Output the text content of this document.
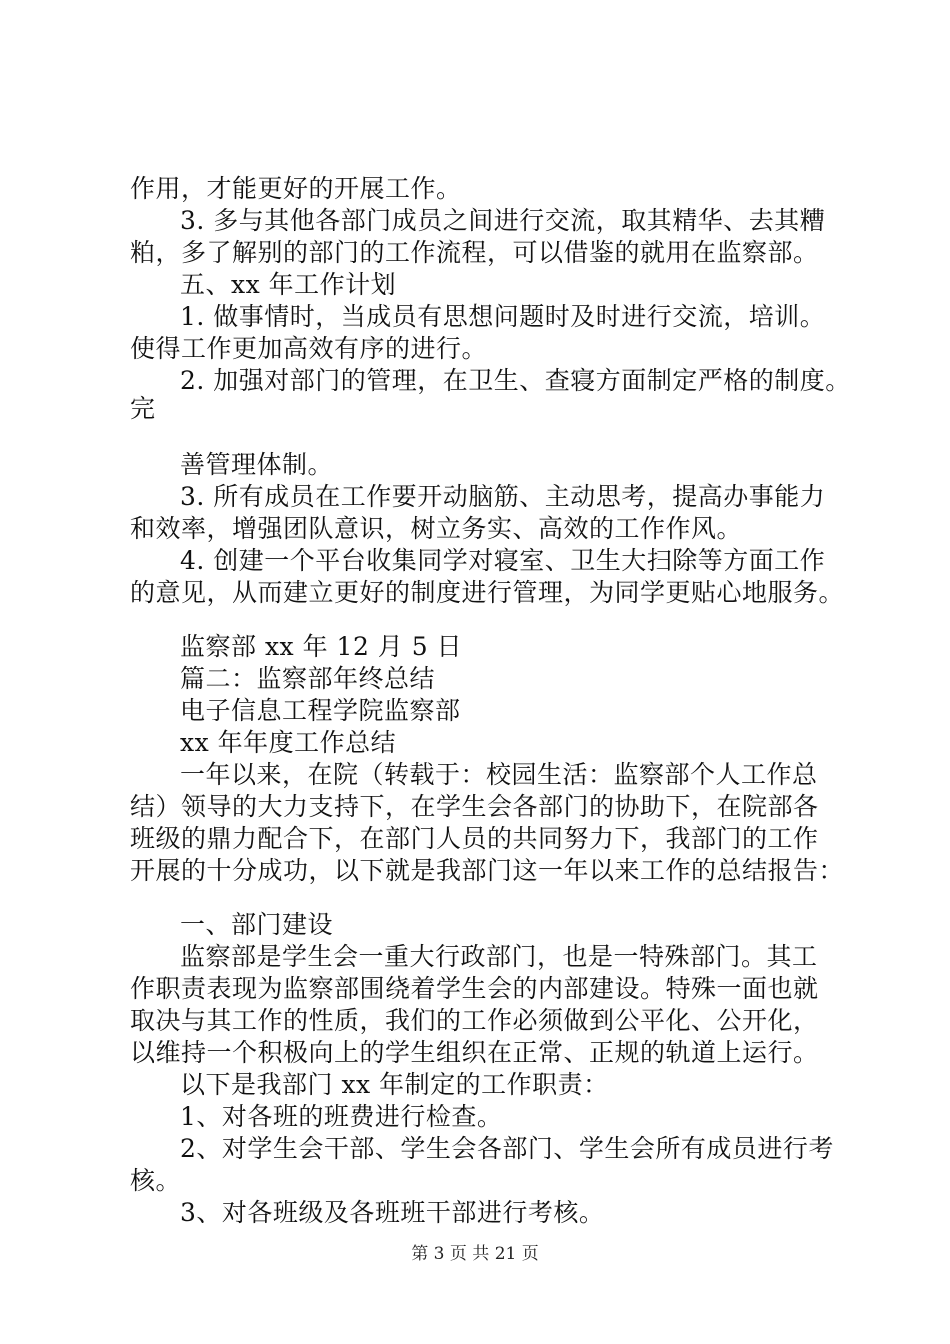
作用，才能更好的开展工作。
3. 多与其他各部门成员之间进行交流，取其精华、去其糟
粕，多了解别的部门的工作流程，可以借鉴的就用在监察部。
五、xx 年工作计划
1. 做事情时，当成员有思想问题时及时进行交流，培训。
使得工作更加高效有序的进行。
2. 加强对部门的管理，在卫生、查寝方面制定严格的制度。
完
善管理体制。
3. 所有成员在工作要开动脑筋、主动思考，提高办事能力
和效率，增强团队意识，树立务实、高效的工作作风。
4. 创建一个平台收集同学对寝室、卫生大扫除等方面工作
的意见，从而建立更好的制度进行管理，为同学更贴心地服务。
监察部 xx 年 12 月 5 日
篇二：监察部年终总结
电子信息工程学院监察部
xx 年年度工作总结
一年以来，在院（转载于：校园生活：监察部个人工作总
结）领导的大力支持下，在学生会各部门的协助下，在院部各
班级的鼎力配合下，在部门人员的共同努力下，我部门的工作
开展的十分成功，以下就是我部门这一年以来工作的总结报告：
一、部门建设
监察部是学生会一重大行政部门，也是一特殊部门。其工
作职责表现为监察部围绕着学生会的内部建设。特殊一面也就
取决与其工作的性质，我们的工作必须做到公平化、公开化，
以维持一个积极向上的学生组织在正常、正规的轨道上运行。
以下是我部门 xx 年制定的工作职责：
1、对各班的班费进行检查。
2、对学生会干部、学生会各部门、学生会所有成员进行考
核。
3、对各班级及各班班干部进行考核。
第 3 页 共 21 页
